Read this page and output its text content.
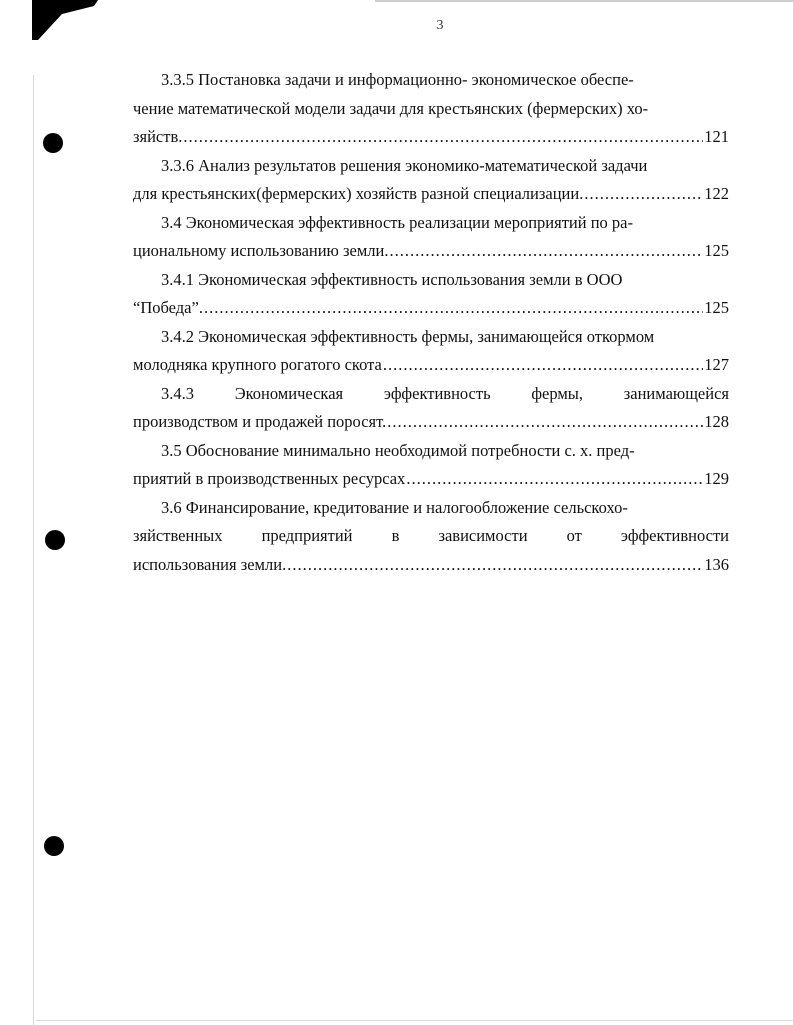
3
3.3.5 Постановка задачи и информационно- экономическое обеспе-
чение математической модели задачи для крестьянских (фермерских) хо-
зяйств. .....	121
3.3.6 Анализ результатов решения экономико-математической задачи
для крестьянских(фермерских) хозяйств разной специализации. .....	122
3.4 Экономическая эффективность реализации мероприятий по ра-
циональному использованию земли. .....	125
3.4.1 Экономическая эффективность использования земли в ООО
“Победа”. .....	125
3.4.2 Экономическая эффективность фермы, занимающейся откормом
молодняка крупного рогатого скота .....	127
3.4.3 Экономическая эффективность фермы, занимающейся
производством и продажей поросят. .....	128
3.5 Обоснование минимально необходимой потребности с. х. пред-
приятий в производственных ресурсах .....	129
3.6 Финансирование, кредитование и налогообложение сельскохо-
зяйственных предприятий в зависимости от эффективности
использования земли. .....	136
